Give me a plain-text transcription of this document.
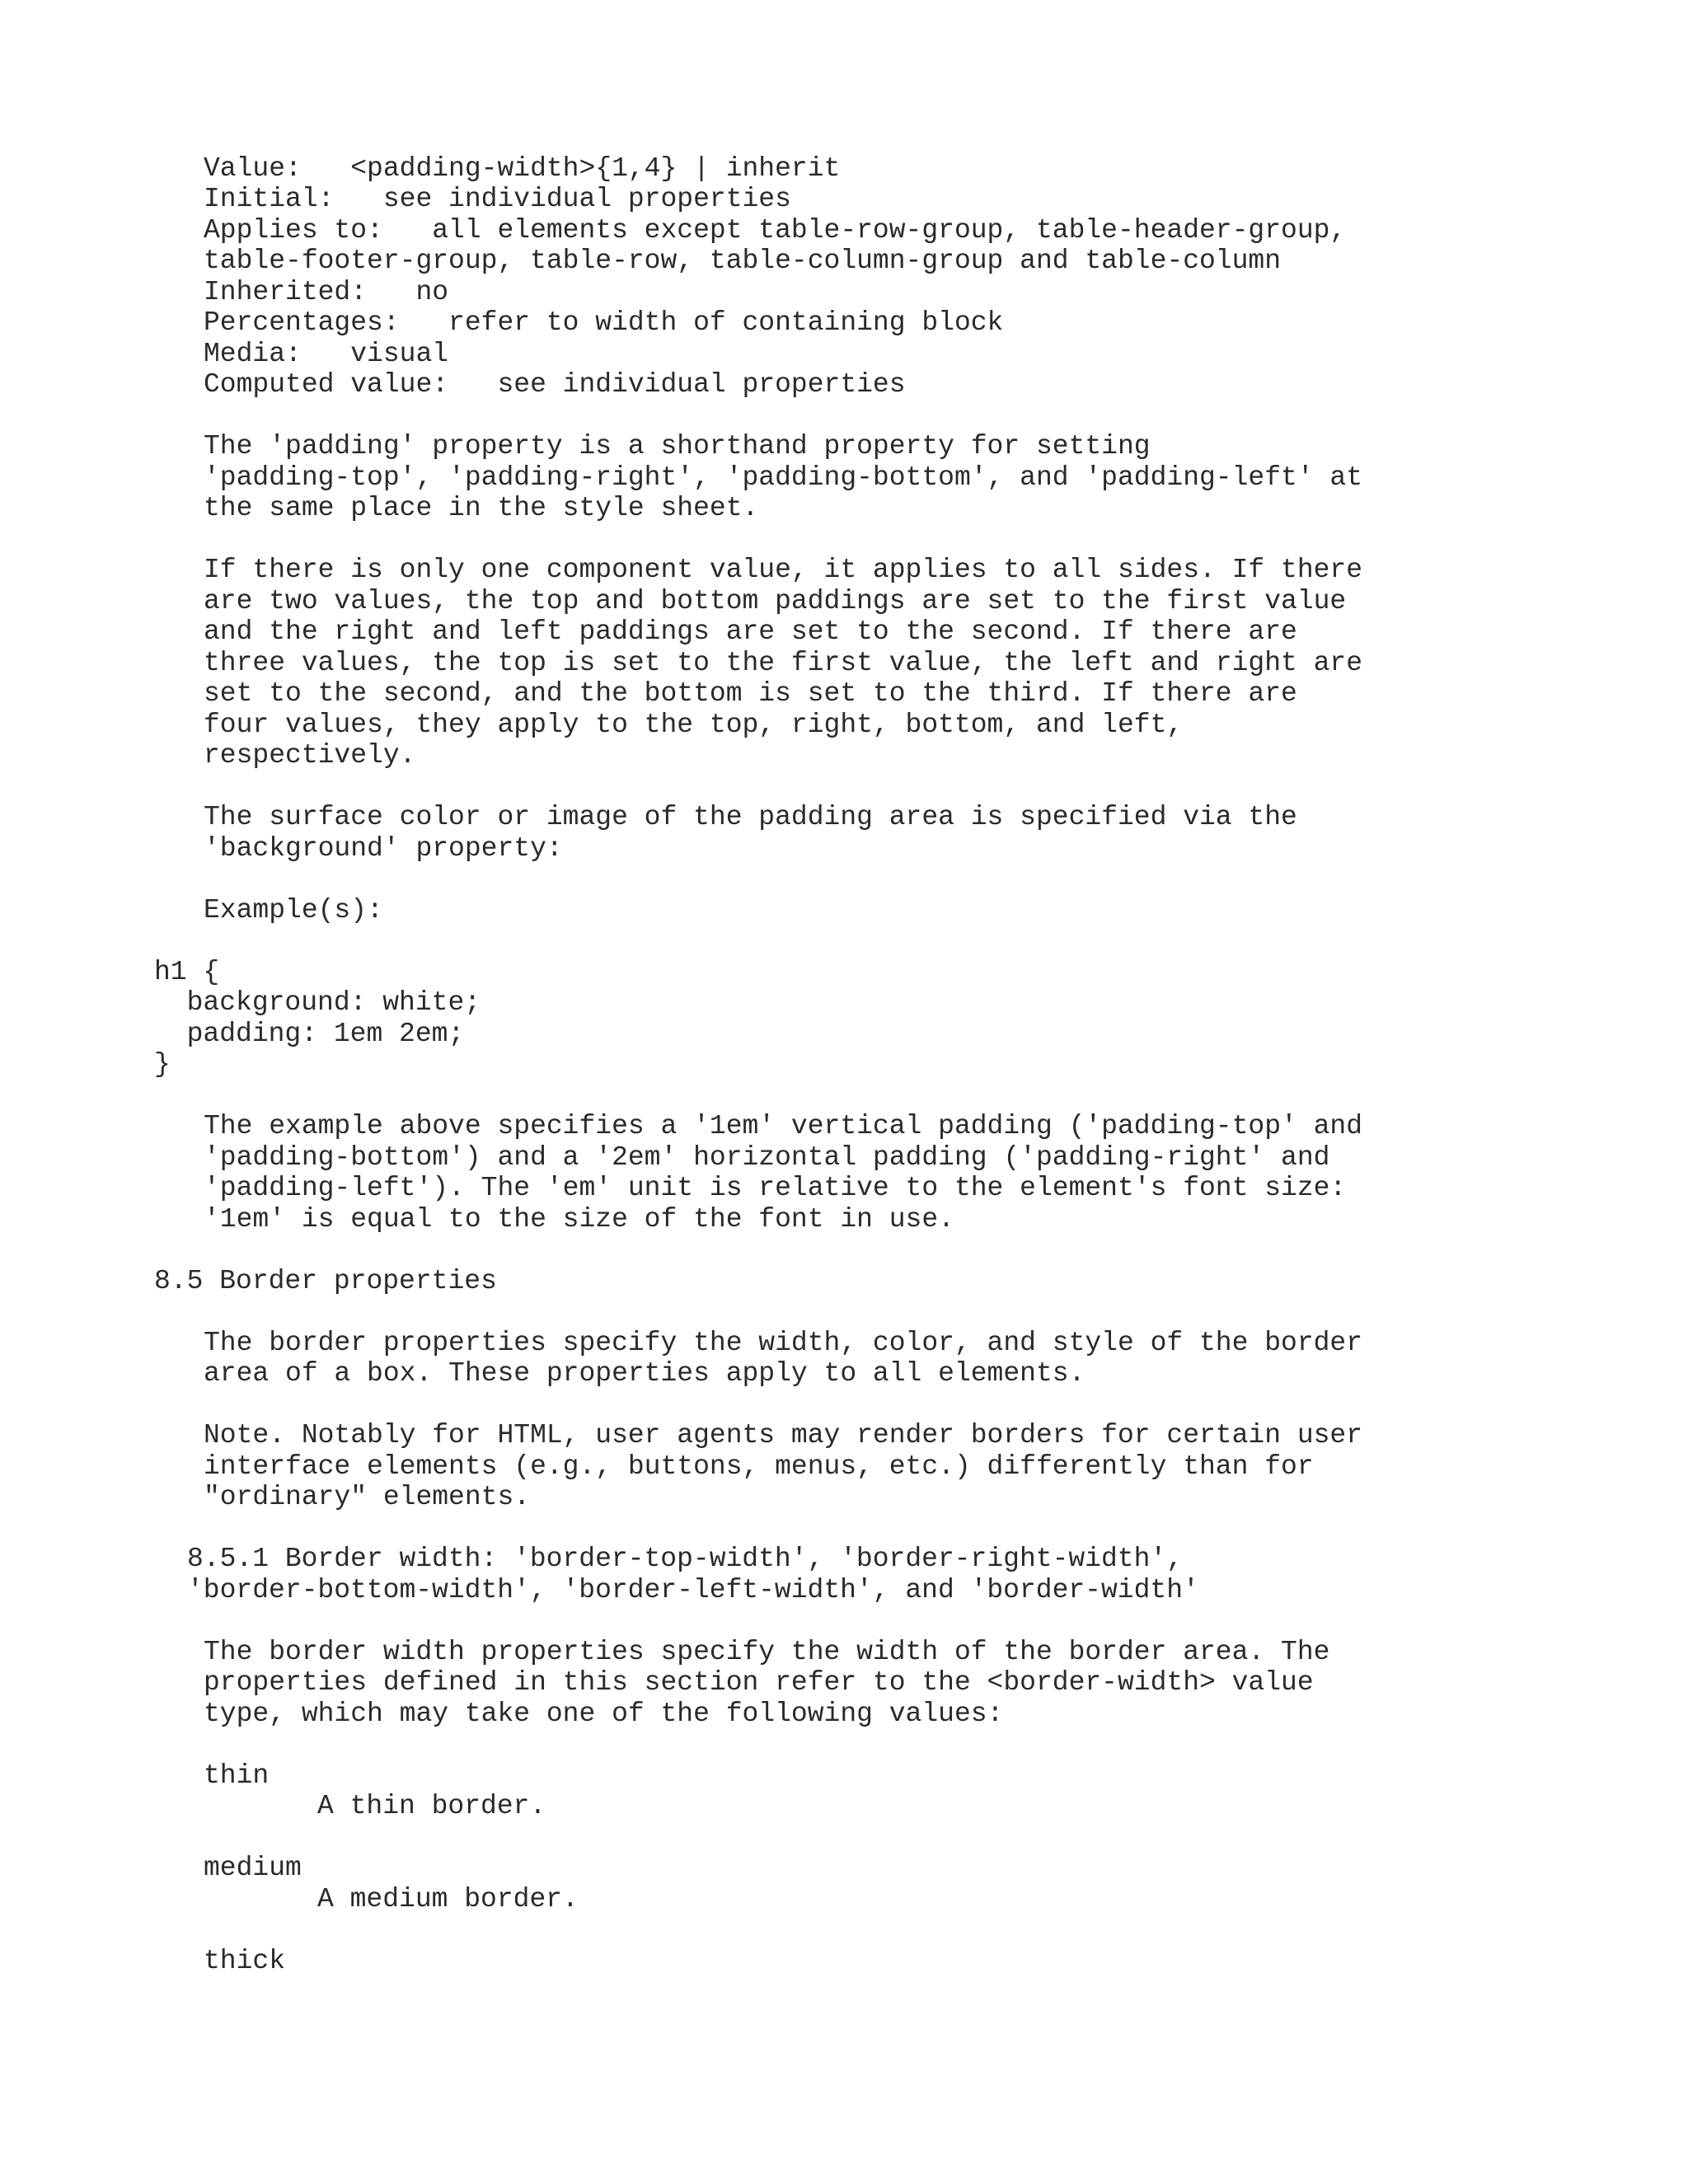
Value:   <padding-width>{1,4} | inherit
Initial:   see individual properties
Applies to:   all elements except table-row-group, table-header-group,
table-footer-group, table-row, table-column-group and table-column
Inherited:   no
Percentages:   refer to width of containing block
Media:   visual
Computed value:   see individual properties
The 'padding' property is a shorthand property for setting
'padding-top', 'padding-right', 'padding-bottom', and 'padding-left' at
the same place in the style sheet.
If there is only one component value, it applies to all sides. If there
are two values, the top and bottom paddings are set to the first value
and the right and left paddings are set to the second. If there are
three values, the top is set to the first value, the left and right are
set to the second, and the bottom is set to the third. If there are
four values, they apply to the top, right, bottom, and left,
respectively.
The surface color or image of the padding area is specified via the
'background' property:
Example(s):
h1 {
background: white;
padding: 1em 2em;
}
The example above specifies a '1em' vertical padding ('padding-top' and
'padding-bottom') and a '2em' horizontal padding ('padding-right' and
'padding-left'). The 'em' unit is relative to the element's font size:
'1em' is equal to the size of the font in use.
8.5 Border properties
The border properties specify the width, color, and style of the border
area of a box. These properties apply to all elements.
Note. Notably for HTML, user agents may render borders for certain user
interface elements (e.g., buttons, menus, etc.) differently than for
"ordinary" elements.
8.5.1 Border width: 'border-top-width', 'border-right-width',
'border-bottom-width', 'border-left-width', and 'border-width'
The border width properties specify the width of the border area. The
properties defined in this section refer to the <border-width> value
type, which may take one of the following values:
thin
A thin border.
medium
A medium border.
thick
